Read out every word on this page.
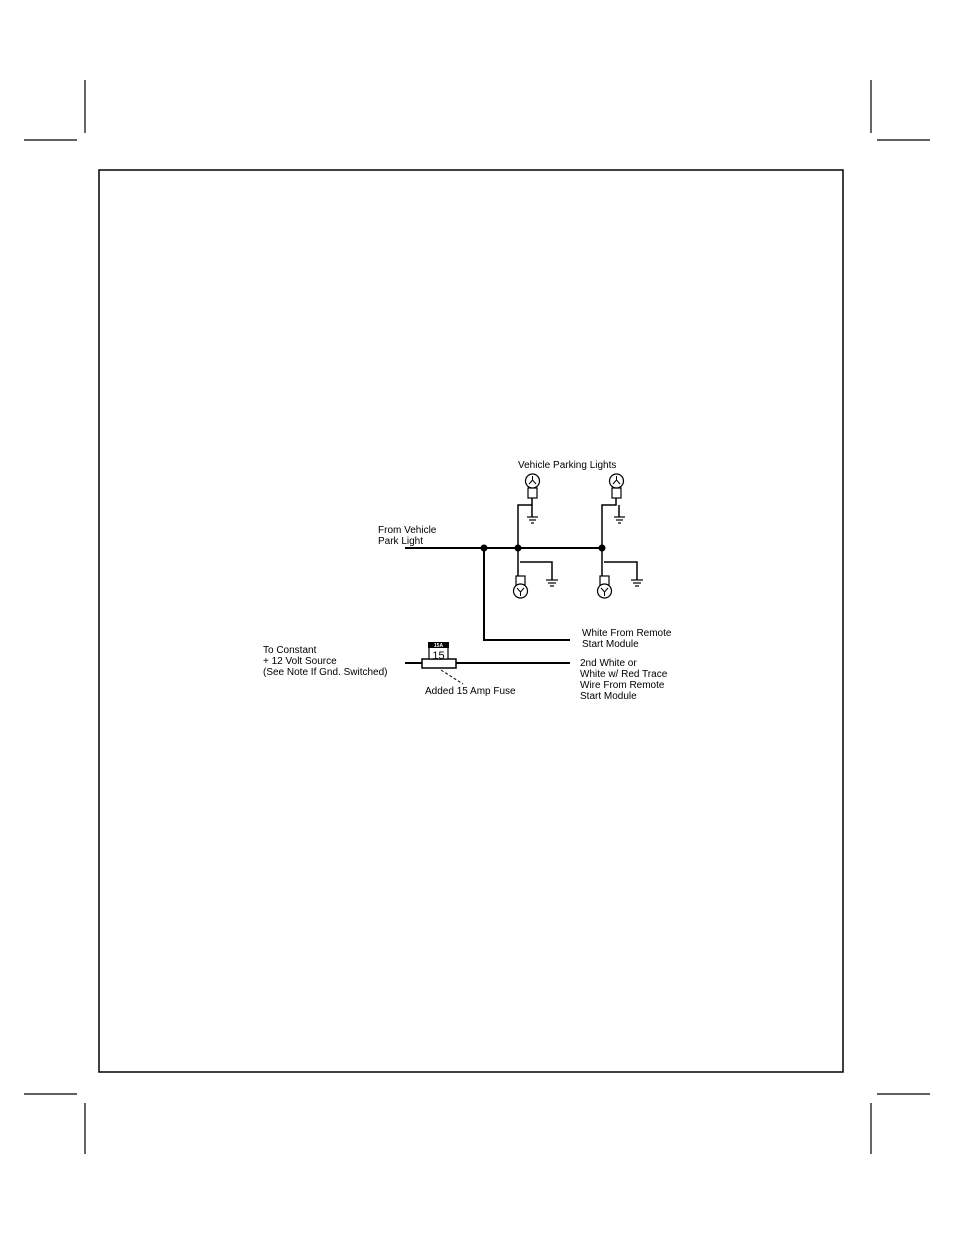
15A
15
Vehicle Parking Lights
From Vehicle
Park Light
White From Remote
Start Module
To Constant
+ 12 Volt Source
(See Note If Gnd. Switched)
2nd White or
White w/ Red Trace
Wire From Remote
Start Module
Added 15 Amp Fuse
